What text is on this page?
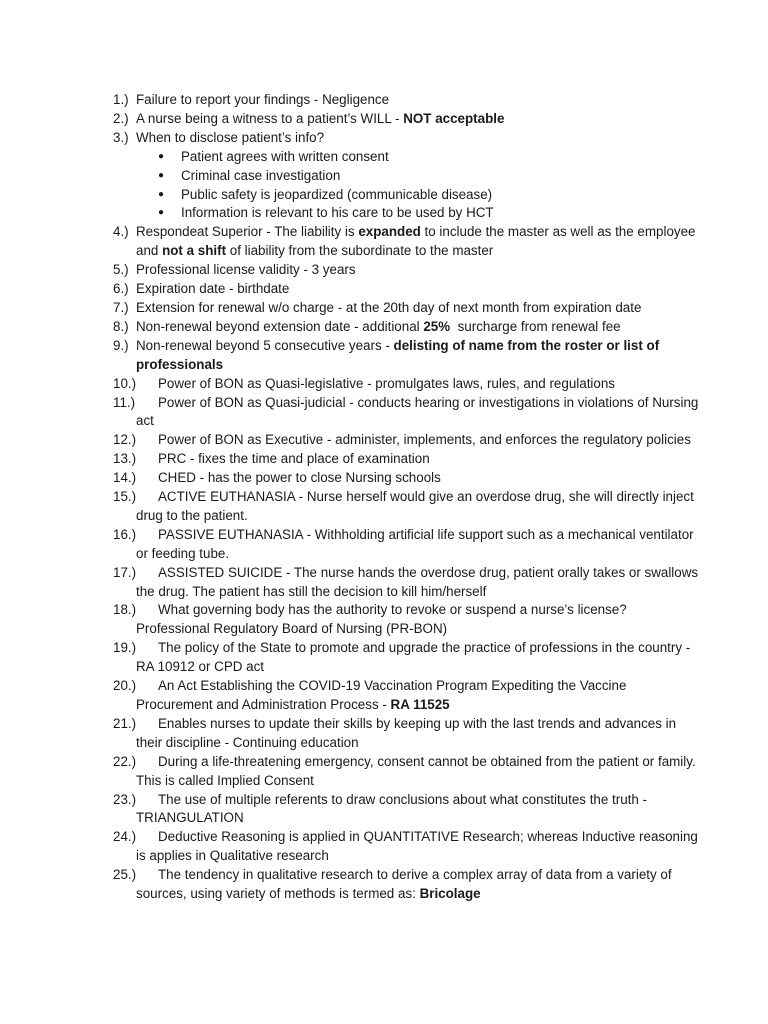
1.) Failure to report your findings - Negligence
2.) A nurse being a witness to a patient’s WILL - NOT acceptable
3.) When to disclose patient’s info?
● Patient agrees with written consent
● Criminal case investigation
● Public safety is jeopardized (communicable disease)
● Information is relevant to his care to be used by HCT
4.) Respondeat Superior - The liability is expanded to include the master as well as the employee and not a shift of liability from the subordinate to the master
5.) Professional license validity - 3 years
6.) Expiration date - birthdate
7.) Extension for renewal w/o charge - at the 20th day of next month from expiration date
8.) Non-renewal beyond extension date - additional 25%  surcharge from renewal fee
9.) Non-renewal beyond 5 consecutive years - delisting of name from the roster or list of professionals
10.)	Power of BON as Quasi-legislative - promulgates laws, rules, and regulations
11.)	Power of BON as Quasi-judicial - conducts hearing or investigations in violations of Nursing act
12.)	Power of BON as Executive - administer, implements, and enforces the regulatory policies
13.)	PRC - fixes the time and place of examination
14.)	CHED - has the power to close Nursing schools
15.)	ACTIVE EUTHANASIA - Nurse herself would give an overdose drug, she will directly inject drug to the patient.
16.)	PASSIVE EUTHANASIA - Withholding artificial life support such as a mechanical ventilator or feeding tube.
17.)	ASSISTED SUICIDE - The nurse hands the overdose drug, patient orally takes or swallows the drug. The patient has still the decision to kill him/herself
18.)	What governing body has the authority to revoke or suspend a nurse’s license? Professional Regulatory Board of Nursing (PR-BON)
19.)	The policy of the State to promote and upgrade the practice of professions in the country - RA 10912 or CPD act
20.)	An Act Establishing the COVID-19 Vaccination Program Expediting the Vaccine Procurement and Administration Process - RA 11525
21.)	Enables nurses to update their skills by keeping up with the last trends and advances in their discipline - Continuing education
22.)	During a life-threatening emergency, consent cannot be obtained from the patient or family. This is called Implied Consent
23.)	The use of multiple referents to draw conclusions about what constitutes the truth - TRIANGULATION
24.)	Deductive Reasoning is applied in QUANTITATIVE Research; whereas Inductive reasoning is applies in Qualitative research
25.)	The tendency in qualitative research to derive a complex array of data from a variety of sources, using variety of methods is termed as: Bricolage
